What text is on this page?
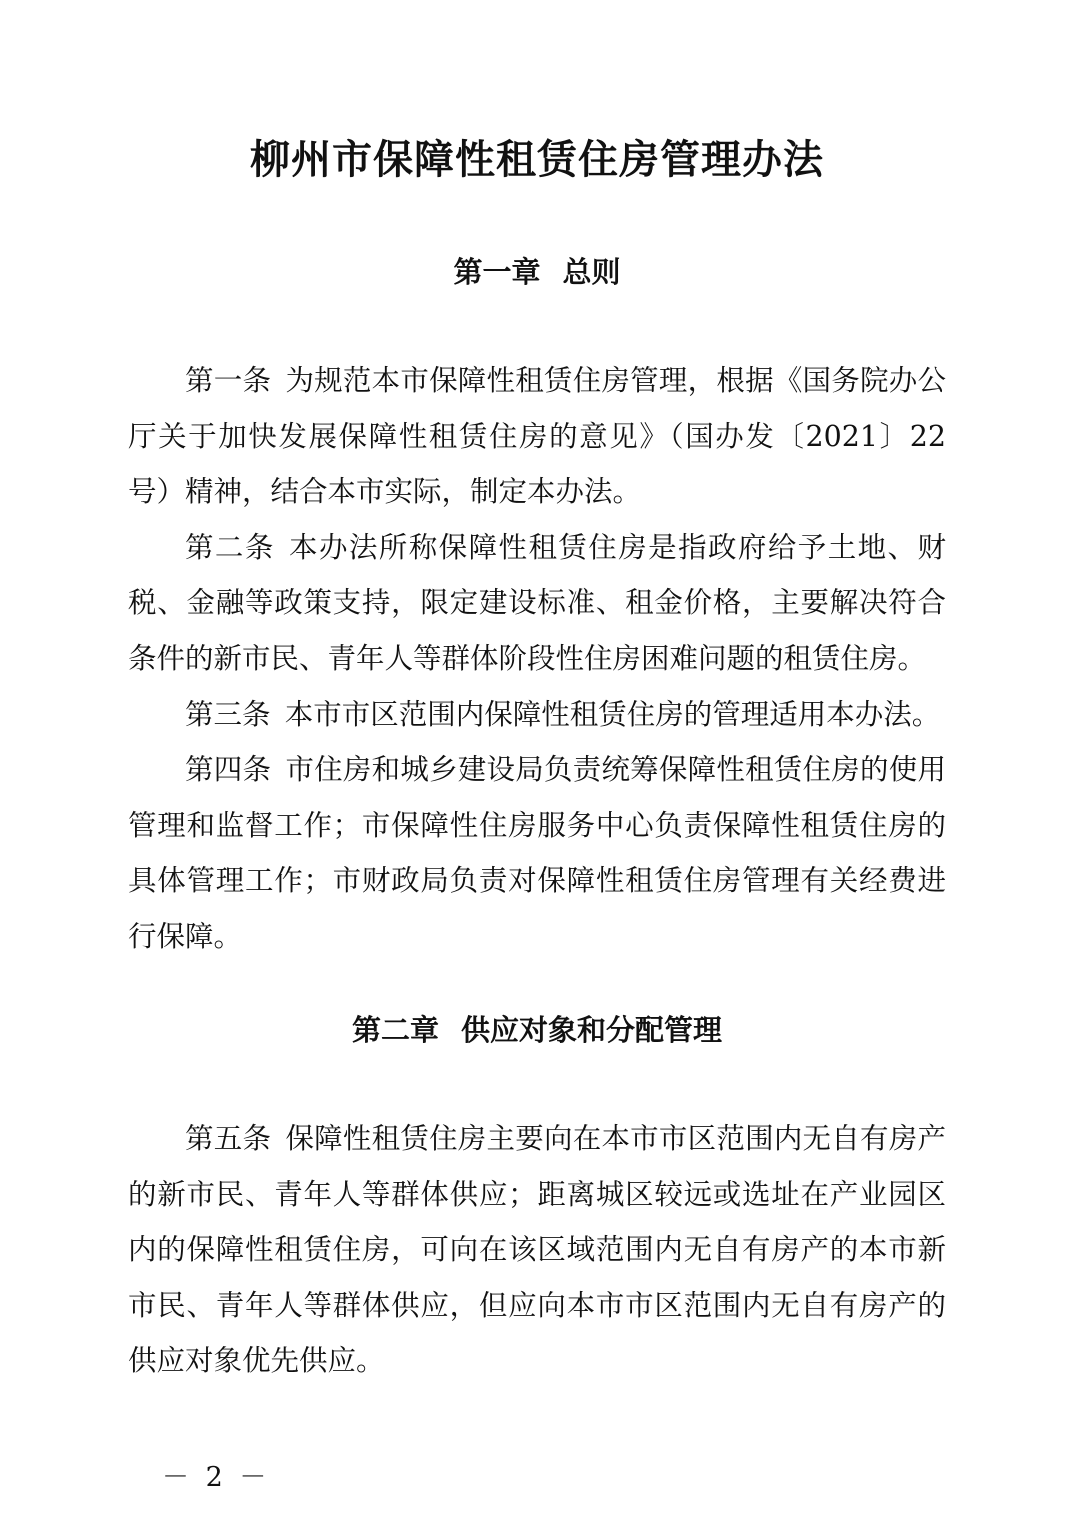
柳州市保障性租赁住房管理办法
第一章 总则

第一条 为规范本市保障性租赁住房管理，根据《国务院办公厅关于加快发展保障性租赁住房的意见》（国办发〔2021〕22号）精神，结合本市实际，制定本办法。

第二条 本办法所称保障性租赁住房是指政府给予土地、财税、金融等政策支持，限定建设标准、租金价格，主要解决符合条件的新市民、青年人等群体阶段性住房困难问题的租赁住房。

第三条 本市市区范围内保障性租赁住房的管理适用本办法。

第四条 市住房和城乡建设局负责统筹保障性租赁住房的使用管理和监督工作；市保障性住房服务中心负责保障性租赁住房的具体管理工作；市财政局负责对保障性租赁住房管理有关经费进行保障。

第二章 供应对象和分配管理

第五条 保障性租赁住房主要向在本市市区范围内无自有房产的新市民、青年人等群体供应；距离城区较远或选址在产业园区内的保障性租赁住房，可向在该区域范围内无自有房产的本市新市民、青年人等群体供应，但应向本市市区范围内无自有房产的供应对象优先供应。

－ 2 －
